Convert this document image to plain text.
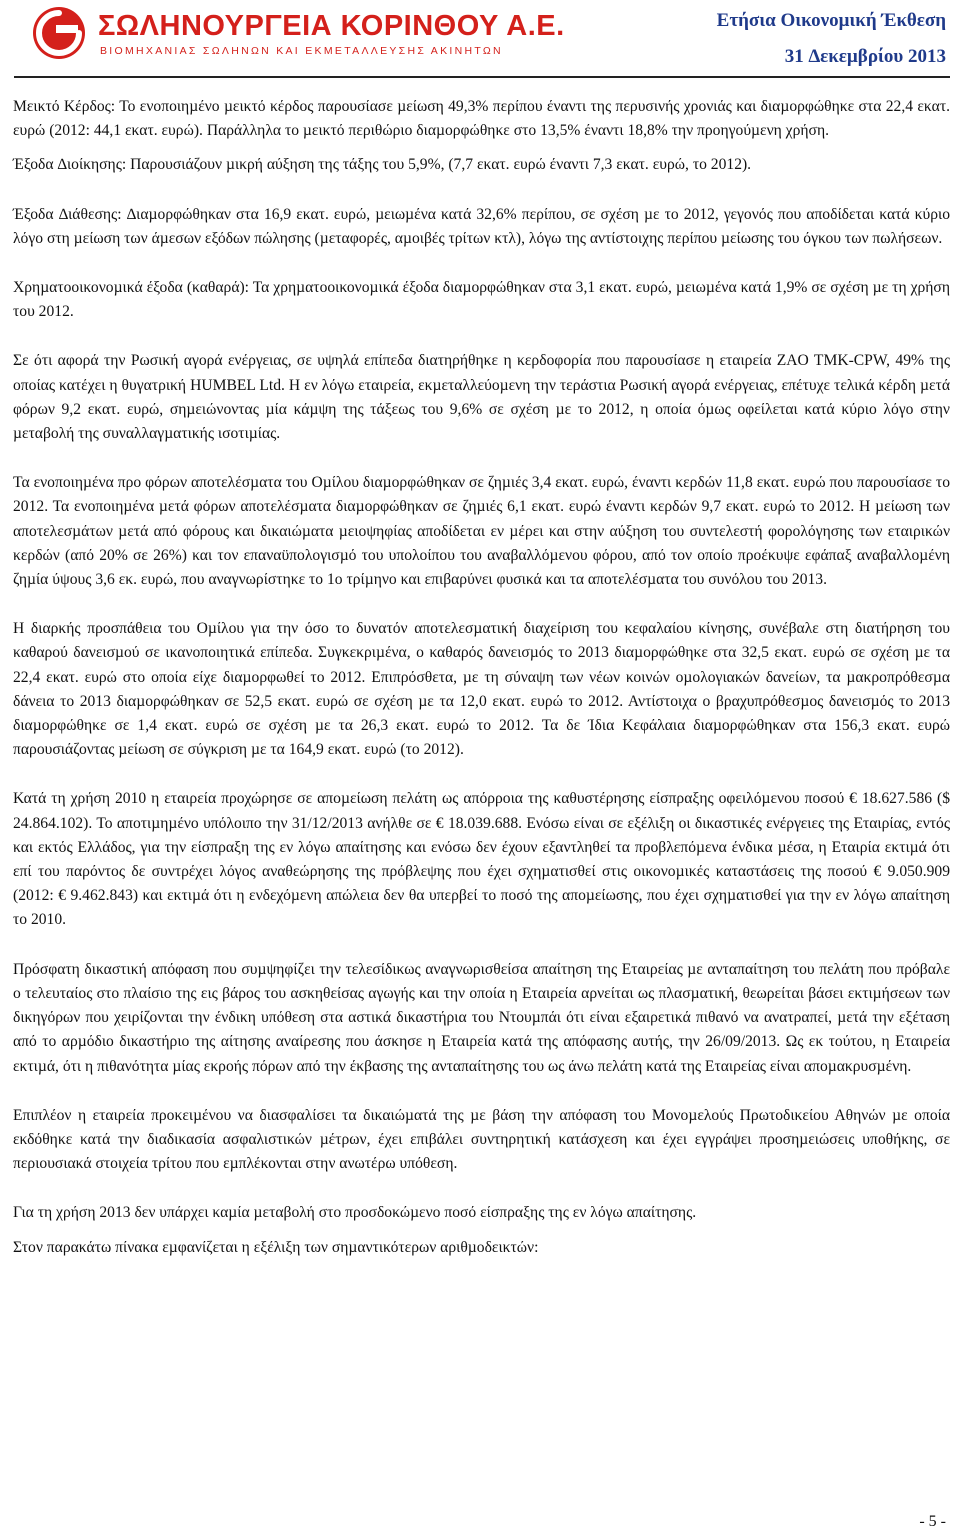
ΣΩΛΗΝΟΥΡΓΕΙΑ ΚΟΡΙΝΘΟΥ Α.Ε.
ΒΙΟΜΗΧΑΝΙΑΣ ΣΩΛΗΝΩΝ ΚΑΙ ΕΚΜΕΤΑΛΛΕΥΣΗΣ ΑΚΙΝΗΤΩΝ
Ετήσια Οικονομική Έκθεση
31 ∆εκεµβρίου 2013

Μεικτό Κέρδος: Το ενοποιηµένο µεικτό κέρδος παρουσίασε µείωση 49,3% περίπου έναντι της περυσινής χρονιάς και διαµορφώθηκε στα 22,4 εκατ. ευρώ (2012: 44,1 εκατ. ευρώ). Παράλληλα το µεικτό περιθώριο διαµορφώθηκε στο 13,5% έναντι 18,8% την προηγούµενη χρήση.

Έξοδα ∆ιοίκησης: Παρουσιάζουν µικρή αύξηση της τάξης του 5,9%, (7,7 εκατ. ευρώ έναντι 7,3 εκατ. ευρώ, το 2012).

Έξοδα ∆ιάθεσης: ∆ιαµορφώθηκαν στα 16,9 εκατ. ευρώ, µειωµένα κατά 32,6% περίπου, σε σχέση µε το 2012, γεγονός που αποδίδεται κατά κύριο λόγο στη µείωση των άµεσων εξόδων πώλησης (µεταφορές, αµοιβές τρίτων κτλ), λόγω της αντίστοιχης περίπου µείωσης του όγκου των πωλήσεων.

Χρηµατοοικονοµικά έξοδα (καθαρά): Τα χρηµατοοικονοµικά έξοδα διαµορφώθηκαν στα 3,1 εκατ. ευρώ, µειωµένα κατά 1,9% σε σχέση µε τη χρήση του 2012.

Σε ότι αφορά την Ρωσική αγορά ενέργειας, σε υψηλά επίπεδα διατηρήθηκε η κερδοφορία που παρουσίασε η εταιρεία ZAO TMK-CPW, 49% της οποίας κατέχει η θυγατρική HUMBEL Ltd. Η εν λόγω εταιρεία, εκµεταλλεύοµενη την τεράστια Ρωσική αγορά ενέργειας, επέτυχε τελικά κέρδη µετά φόρων 9,2 εκατ. ευρώ, σηµειώνοντας µία κάµψη της τάξεως του 9,6% σε σχέση µε το 2012, η οποία όµως οφείλεται κατά κύριο λόγο στην µεταβολή της συναλλαγµατικής ισοτιµίας.

Τα ενοποιηµένα προ φόρων αποτελέσµατα του Οµίλου διαµορφώθηκαν σε ζηµιές 3,4 εκατ. ευρώ, έναντι κερδών 11,8 εκατ. ευρώ που παρουσίασε το 2012. Τα ενοποιηµένα µετά φόρων αποτελέσµατα διαµορφώθηκαν σε ζηµιές 6,1 εκατ. ευρώ έναντι κερδών 9,7 εκατ. ευρώ το 2012. Η µείωση των αποτελεσµάτων µετά από φόρους και δικαιώµατα µειοψηφίας αποδίδεται εν µέρει και στην αύξηση του συντελεστή φορολόγησης των εταιρικών κερδών (από 20% σε 26%) και τον επαναϋπολογισµό του υπολοίπου του αναβαλλόµενου φόρου, από τον οποίο προέκυψε εφάπαξ αναβαλλοµένη ζηµία ύψους 3,6 εκ. ευρώ, που αναγνωρίστηκε το 1ο τρίµηνο και επιβαρύνει φυσικά και τα αποτελέσµατα του συνόλου του 2013.

Η διαρκής προσπάθεια του Οµίλου για την όσο το δυνατόν αποτελεσµατική διαχείριση του κεφαλαίου κίνησης, συνέβαλε στη διατήρηση του καθαρού δανεισµού σε ικανοποιητικά επίπεδα. Συγκεκριµένα, ο καθαρός δανεισµός το 2013 διαµορφώθηκε στα 32,5 εκατ. ευρώ σε σχέση µε τα 22,4 εκατ. ευρώ στο οποία είχε διαµορφωθεί το 2012. Επιπρόσθετα, µε τη σύναψη των νέων κοινών οµολογιακών δανείων, τα µακροπρόθεσµα δάνεια το 2013 διαµορφώθηκαν σε 52,5 εκατ. ευρώ σε σχέση µε τα 12,0 εκατ. ευρώ το 2012. Αντίστοιχα ο βραχυπρόθεσµος δανεισµός το 2013 διαµορφώθηκε σε 1,4 εκατ. ευρώ σε σχέση µε τα 26,3 εκατ. ευρώ το 2012. Τα δε Ίδια Κεφάλαια διαµορφώθηκαν στα 156,3 εκατ. ευρώ παρουσιάζοντας µείωση σε σύγκριση µε τα 164,9 εκατ. ευρώ (το 2012).

Κατά τη χρήση 2010 η εταιρεία προχώρησε σε αποµείωση πελάτη ως απόρροια της καθυστέρησης είσπραξης οφειλόµενου ποσού € 18.627.586 ($ 24.864.102). Το αποτιµηµένο υπόλοιπο την 31/12/2013 ανήλθε σε € 18.039.688. Ενόσω είναι σε εξέλιξη οι δικαστικές ενέργειες της Εταιρίας, εντός και εκτός Ελλάδος, για την είσπραξη της εν λόγω απαίτησης και ενόσω δεν έχουν εξαντληθεί τα προβλεπόµενα ένδικα µέσα, η Εταιρία εκτιµά ότι επί του παρόντος δε συντρέχει λόγος αναθεώρησης της πρόβλεψης που έχει σχηµατισθεί στις οικονοµικές καταστάσεις της ποσού € 9.050.909 (2012: € 9.462.843) και εκτιµά ότι η ενδεχόµενη απώλεια δεν θα υπερβεί το ποσό της αποµείωσης, που έχει σχηµατισθεί για την εν λόγω απαίτηση το 2010.

Πρόσφατη δικαστική απόφαση που συµψηφίζει την τελεσίδικως αναγνωρισθείσα απαίτηση της Εταιρείας µε ανταπαίτηση του πελάτη που πρόβαλε ο τελευταίος στο πλαίσιο της εις βάρος του ασκηθείσας αγωγής και την οποία η Εταιρεία αρνείται ως πλασµατική, θεωρείται βάσει εκτιµήσεων των δικηγόρων που χειρίζονται την ένδικη υπόθεση στα αστικά δικαστήρια του Ντουµπάι ότι είναι εξαιρετικά πιθανό να ανατραπεί, µετά την εξέταση από το αρµόδιο δικαστήριο της αίτησης αναίρεσης που άσκησε η Εταιρεία κατά της απόφασης αυτής, την 26/09/2013. Ως εκ τούτου, η Εταιρεία εκτιµά, ότι η πιθανότητα µίας εκροής πόρων από την έκβασης της ανταπαίτησης του ως άνω πελάτη κατά της Εταιρείας είναι αποµακρυσµένη.

Επιπλέον η εταιρεία προκειµένου να διασφαλίσει τα δικαιώµατά της µε βάση την απόφαση του Μονοµελούς Πρωτοδικείου Αθηνών µε οποία εκδόθηκε κατά την διαδικασία ασφαλιστικών µέτρων, έχει επιβάλει συντηρητική κατάσχεση και έχει εγγράψει προσηµειώσεις υποθήκης, σε περιουσιακά στοιχεία τρίτου που εµπλέκονται στην ανωτέρω υπόθεση.

Για τη χρήση 2013 δεν υπάρχει καµία µεταβολή στο προσδοκώµενο ποσό είσπραξης της εν λόγω απαίτησης.

Στον παρακάτω πίνακα εµφανίζεται η εξέλιξη των σηµαντικότερων αριθµοδεικτών:

- 5 -
